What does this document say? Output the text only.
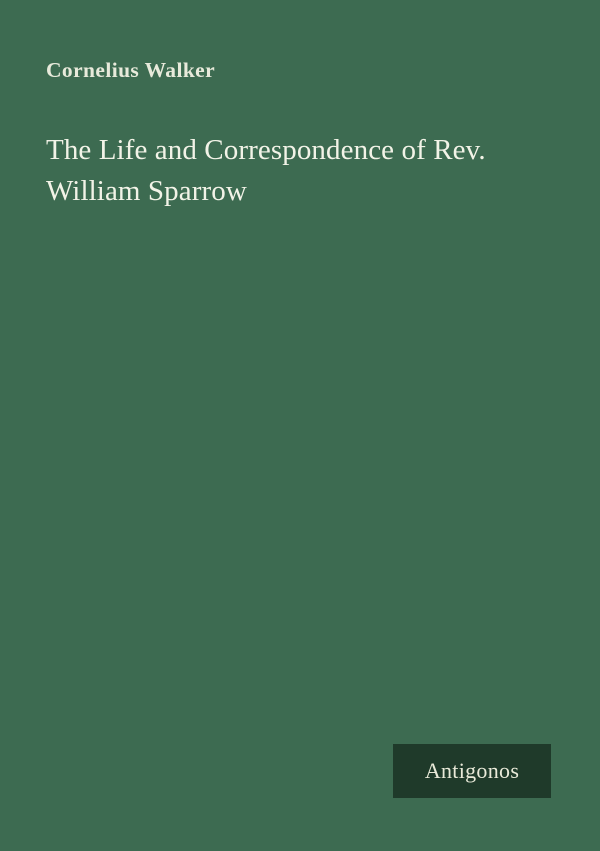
Cornelius Walker
The Life and Correspondence of Rev. William Sparrow
Antigonos
